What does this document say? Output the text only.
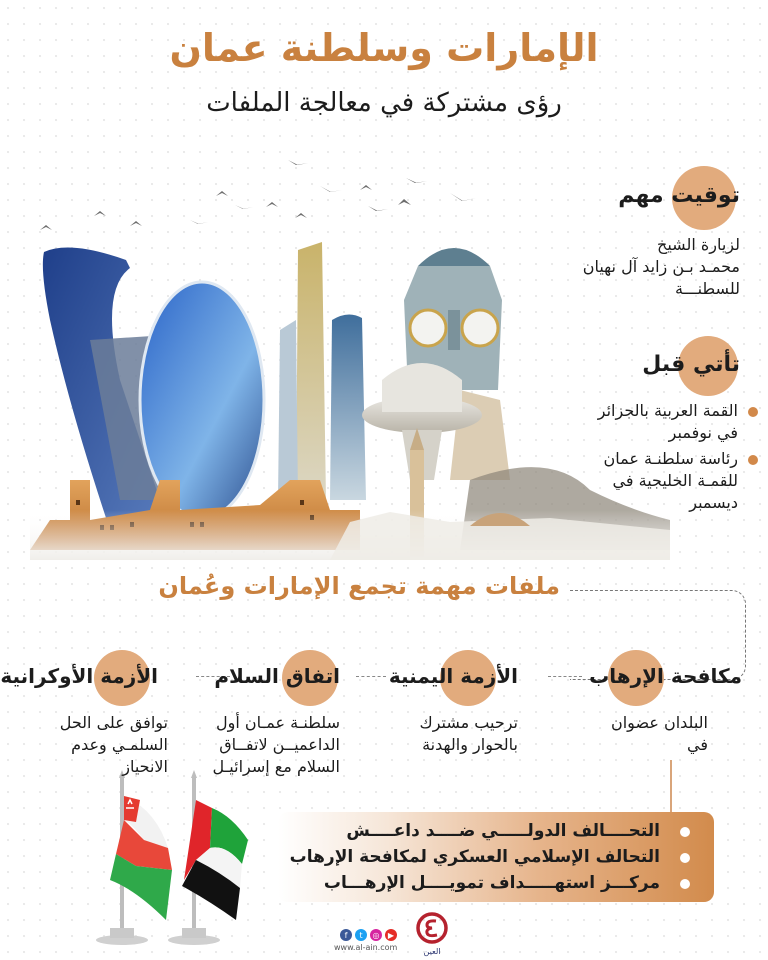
الإمارات وسلطنة عمان
رؤى مشتركة في معالجة الملفات
توقيت مهم
لزيارة الشيخ
محمـد بـن زايد آل نهيان
للسطنـــة
تأتي قبل
القمة العربية بالجزائر
في نوفمبر
رئاسة سلطنـة عمان
للقمـة الخليجية في
ديسمبر
ملفات مهمة تجمع الإمارات وعُمان
مكافحة الإرهاب
الأزمة اليمنية
اتفاق السلام
الأزمة الأوكرانية
البلدان عضوان
في
ترحيب مشترك
بالحوار والهدنة
سلطنـة عمـان أول
الداعميــن لاتفــاق
السلام مع إسرائيـل
توافق على الحل
السلمـي وعدم
الانحياز
التحــــالف الدولـــــي ضــــد داعــــش
التحالف الإسلامي العسكري لمكافحة الإرهاب
مركـــز استهـــــداف تمويــــل الإرهـــاب
f	t	◎	▶
www.al-ain.com	العين
